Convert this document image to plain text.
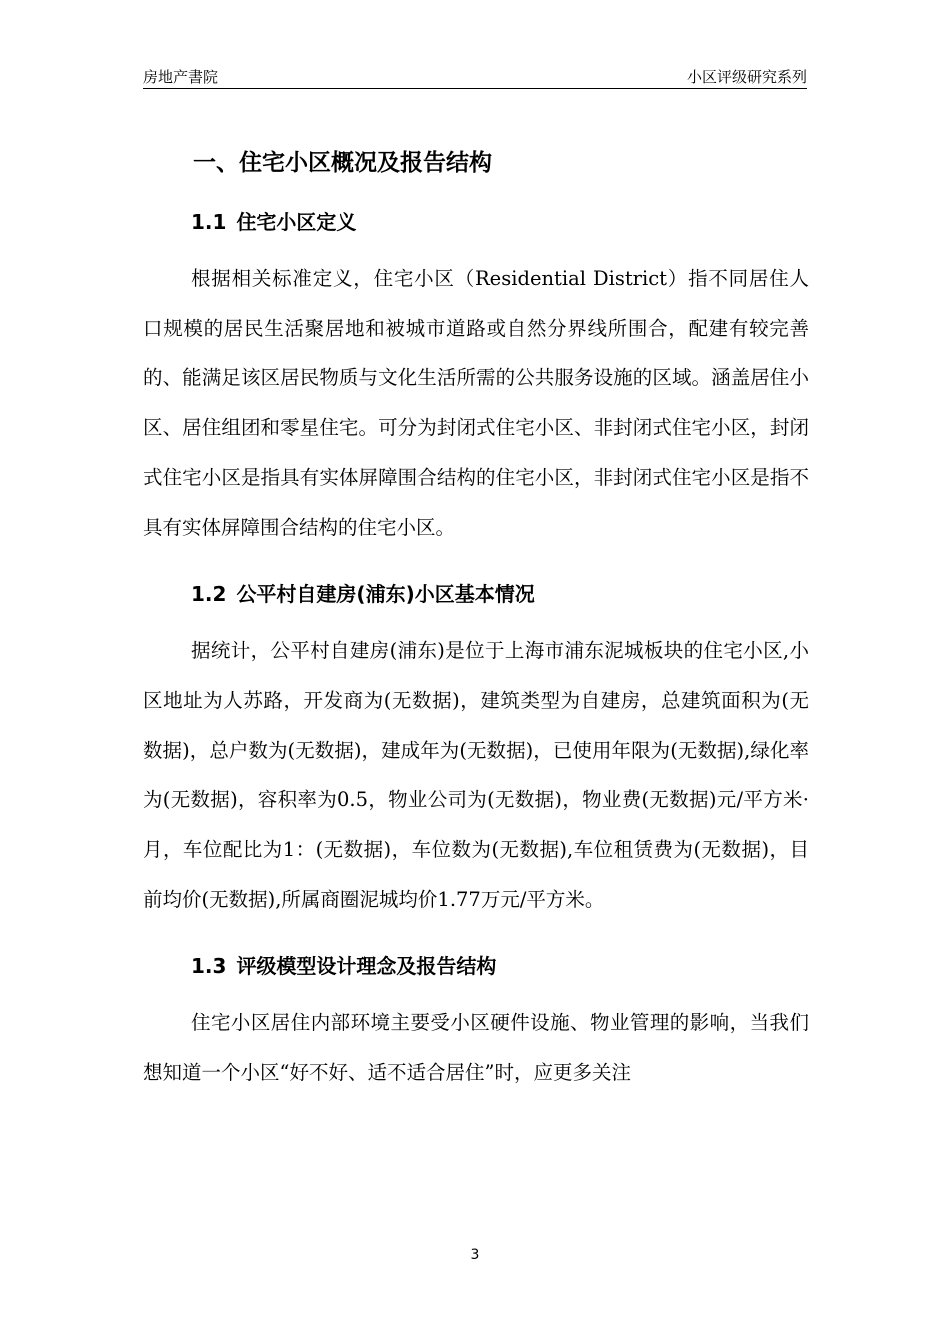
房地产書院	小区评级研究系列
一、住宅小区概况及报告结构
1.1 住宅小区定义

根据相关标准定义，住宅小区（Residential District）指不同居住人口规模的居民生活聚居地和被城市道路或自然分界线所围合，配建有较完善的、能满足该区居民物质与文化生活所需的公共服务设施的区域。涵盖居住小区、居住组团和零星住宅。可分为封闭式住宅小区、非封闭式住宅小区，封闭式住宅小区是指具有实体屏障围合结构的住宅小区，非封闭式住宅小区是指不具有实体屏障围合结构的住宅小区。

1.2 公平村自建房(浦东)小区基本情况

据统计，公平村自建房(浦东)是位于上海市浦东泥城板块的住宅小区,小区地址为人苏路，开发商为(无数据)，建筑类型为自建房，总建筑面积为(无数据)，总户数为(无数据)，建成年为(无数据)，已使用年限为(无数据),绿化率为(无数据)，容积率为0.5，物业公司为(无数据)，物业费(无数据)元/平方米·月，车位配比为1：(无数据)，车位数为(无数据),车位租赁费为(无数据)，目前均价(无数据),所属商圈泥城均价1.77万元/平方米。

1.3 评级模型设计理念及报告结构

住宅小区居住内部环境主要受小区硬件设施、物业管理的影响，当我们想知道一个小区“好不好、适不适合居住”时，应更多关注

3
